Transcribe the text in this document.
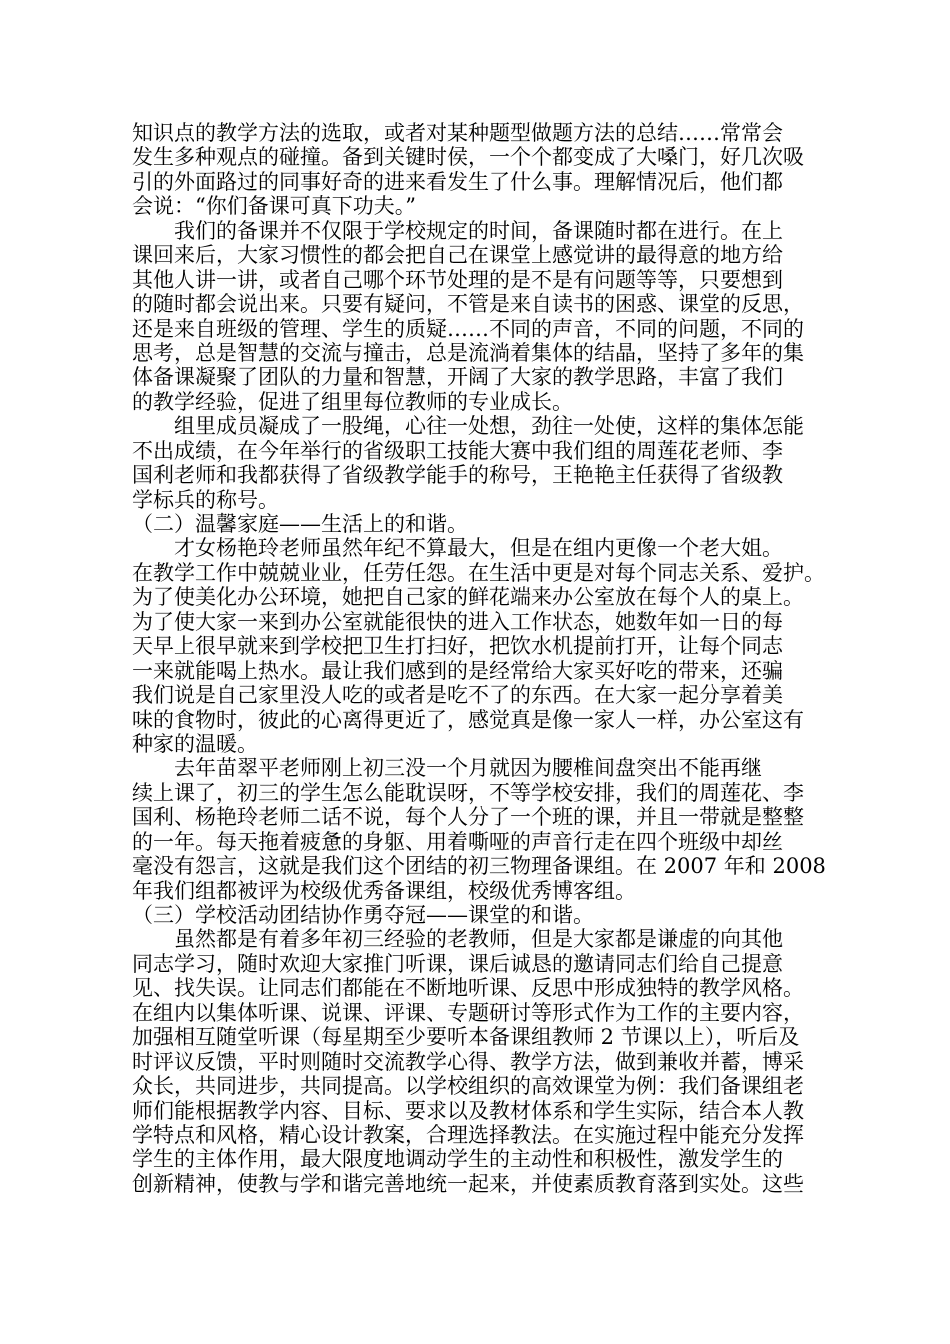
知识点的教学方法的选取，或者对某种题型做题方法的总结……常常会
发生多种观点的碰撞。备到关键时侯，一个个都变成了大嗓门，好几次吸
引的外面路过的同事好奇的进来看发生了什么事。理解情况后，他们都
会说：“你们备课可真下功夫。”
我们的备课并不仅限于学校规定的时间，备课随时都在进行。在上
课回来后，大家习惯性的都会把自己在课堂上感觉讲的最得意的地方给
其他人讲一讲，或者自己哪个环节处理的是不是有问题等等，只要想到
的随时都会说出来。只要有疑问，不管是来自读书的困惑、课堂的反思，
还是来自班级的管理、学生的质疑……不同的声音，不同的问题，不同的
思考，总是智慧的交流与撞击，总是流淌着集体的结晶，坚持了多年的集
体备课凝聚了团队的力量和智慧，开阔了大家的教学思路，丰富了我们
的教学经验，促进了组里每位教师的专业成长。
组里成员凝成了一股绳，心往一处想，劲往一处使，这样的集体怎能
不出成绩，在今年举行的省级职工技能大赛中我们组的周莲花老师、李
国利老师和我都获得了省级教学能手的称号，王艳艳主任获得了省级教
学标兵的称号。
（二）温馨家庭——生活上的和谐。
才女杨艳玲老师虽然年纪不算最大，但是在组内更像一个老大姐。
在教学工作中兢兢业业，任劳任怨。在生活中更是对每个同志关系、爱护。
为了使美化办公环境，她把自己家的鲜花端来办公室放在每个人的桌上。
为了使大家一来到办公室就能很快的进入工作状态，她数年如一日的每
天早上很早就来到学校把卫生打扫好，把饮水机提前打开，让每个同志
一来就能喝上热水。最让我们感到的是经常给大家买好吃的带来，还骗
我们说是自己家里没人吃的或者是吃不了的东西。在大家一起分享着美
味的食物时，彼此的心离得更近了，感觉真是像一家人一样，办公室这有
种家的温暖。
去年苗翠平老师刚上初三没一个月就因为腰椎间盘突出不能再继
续上课了，初三的学生怎么能耽误呀，不等学校安排，我们的周莲花、李
国利、杨艳玲老师二话不说，每个人分了一个班的课，并且一带就是整整
的一年。每天拖着疲惫的身躯、用着嘶哑的声音行走在四个班级中却丝
毫没有怨言，这就是我们这个团结的初三物理备课组。在 2007 年和 2008
年我们组都被评为校级优秀备课组，校级优秀博客组。
（三）学校活动团结协作勇夺冠——课堂的和谐。
虽然都是有着多年初三经验的老教师，但是大家都是谦虚的向其他
同志学习，随时欢迎大家推门听课，课后诚恳的邀请同志们给自己提意
见、找失误。让同志们都能在不断地听课、反思中形成独特的教学风格。
在组内以集体听课、说课、评课、专题研讨等形式作为工作的主要内容，
加强相互随堂听课（每星期至少要听本备课组教师 2 节课以上），听后及
时评议反馈，平时则随时交流教学心得、教学方法，做到兼收并蓄，博采
众长，共同进步，共同提高。以学校组织的高效课堂为例：我们备课组老
师们能根据教学内容、目标、要求以及教材体系和学生实际，结合本人教
学特点和风格，精心设计教案，合理选择教法。在实施过程中能充分发挥
学生的主体作用，最大限度地调动学生的主动性和积极性，激发学生的
创新精神，使教与学和谐完善地统一起来，并使素质教育落到实处。这些
